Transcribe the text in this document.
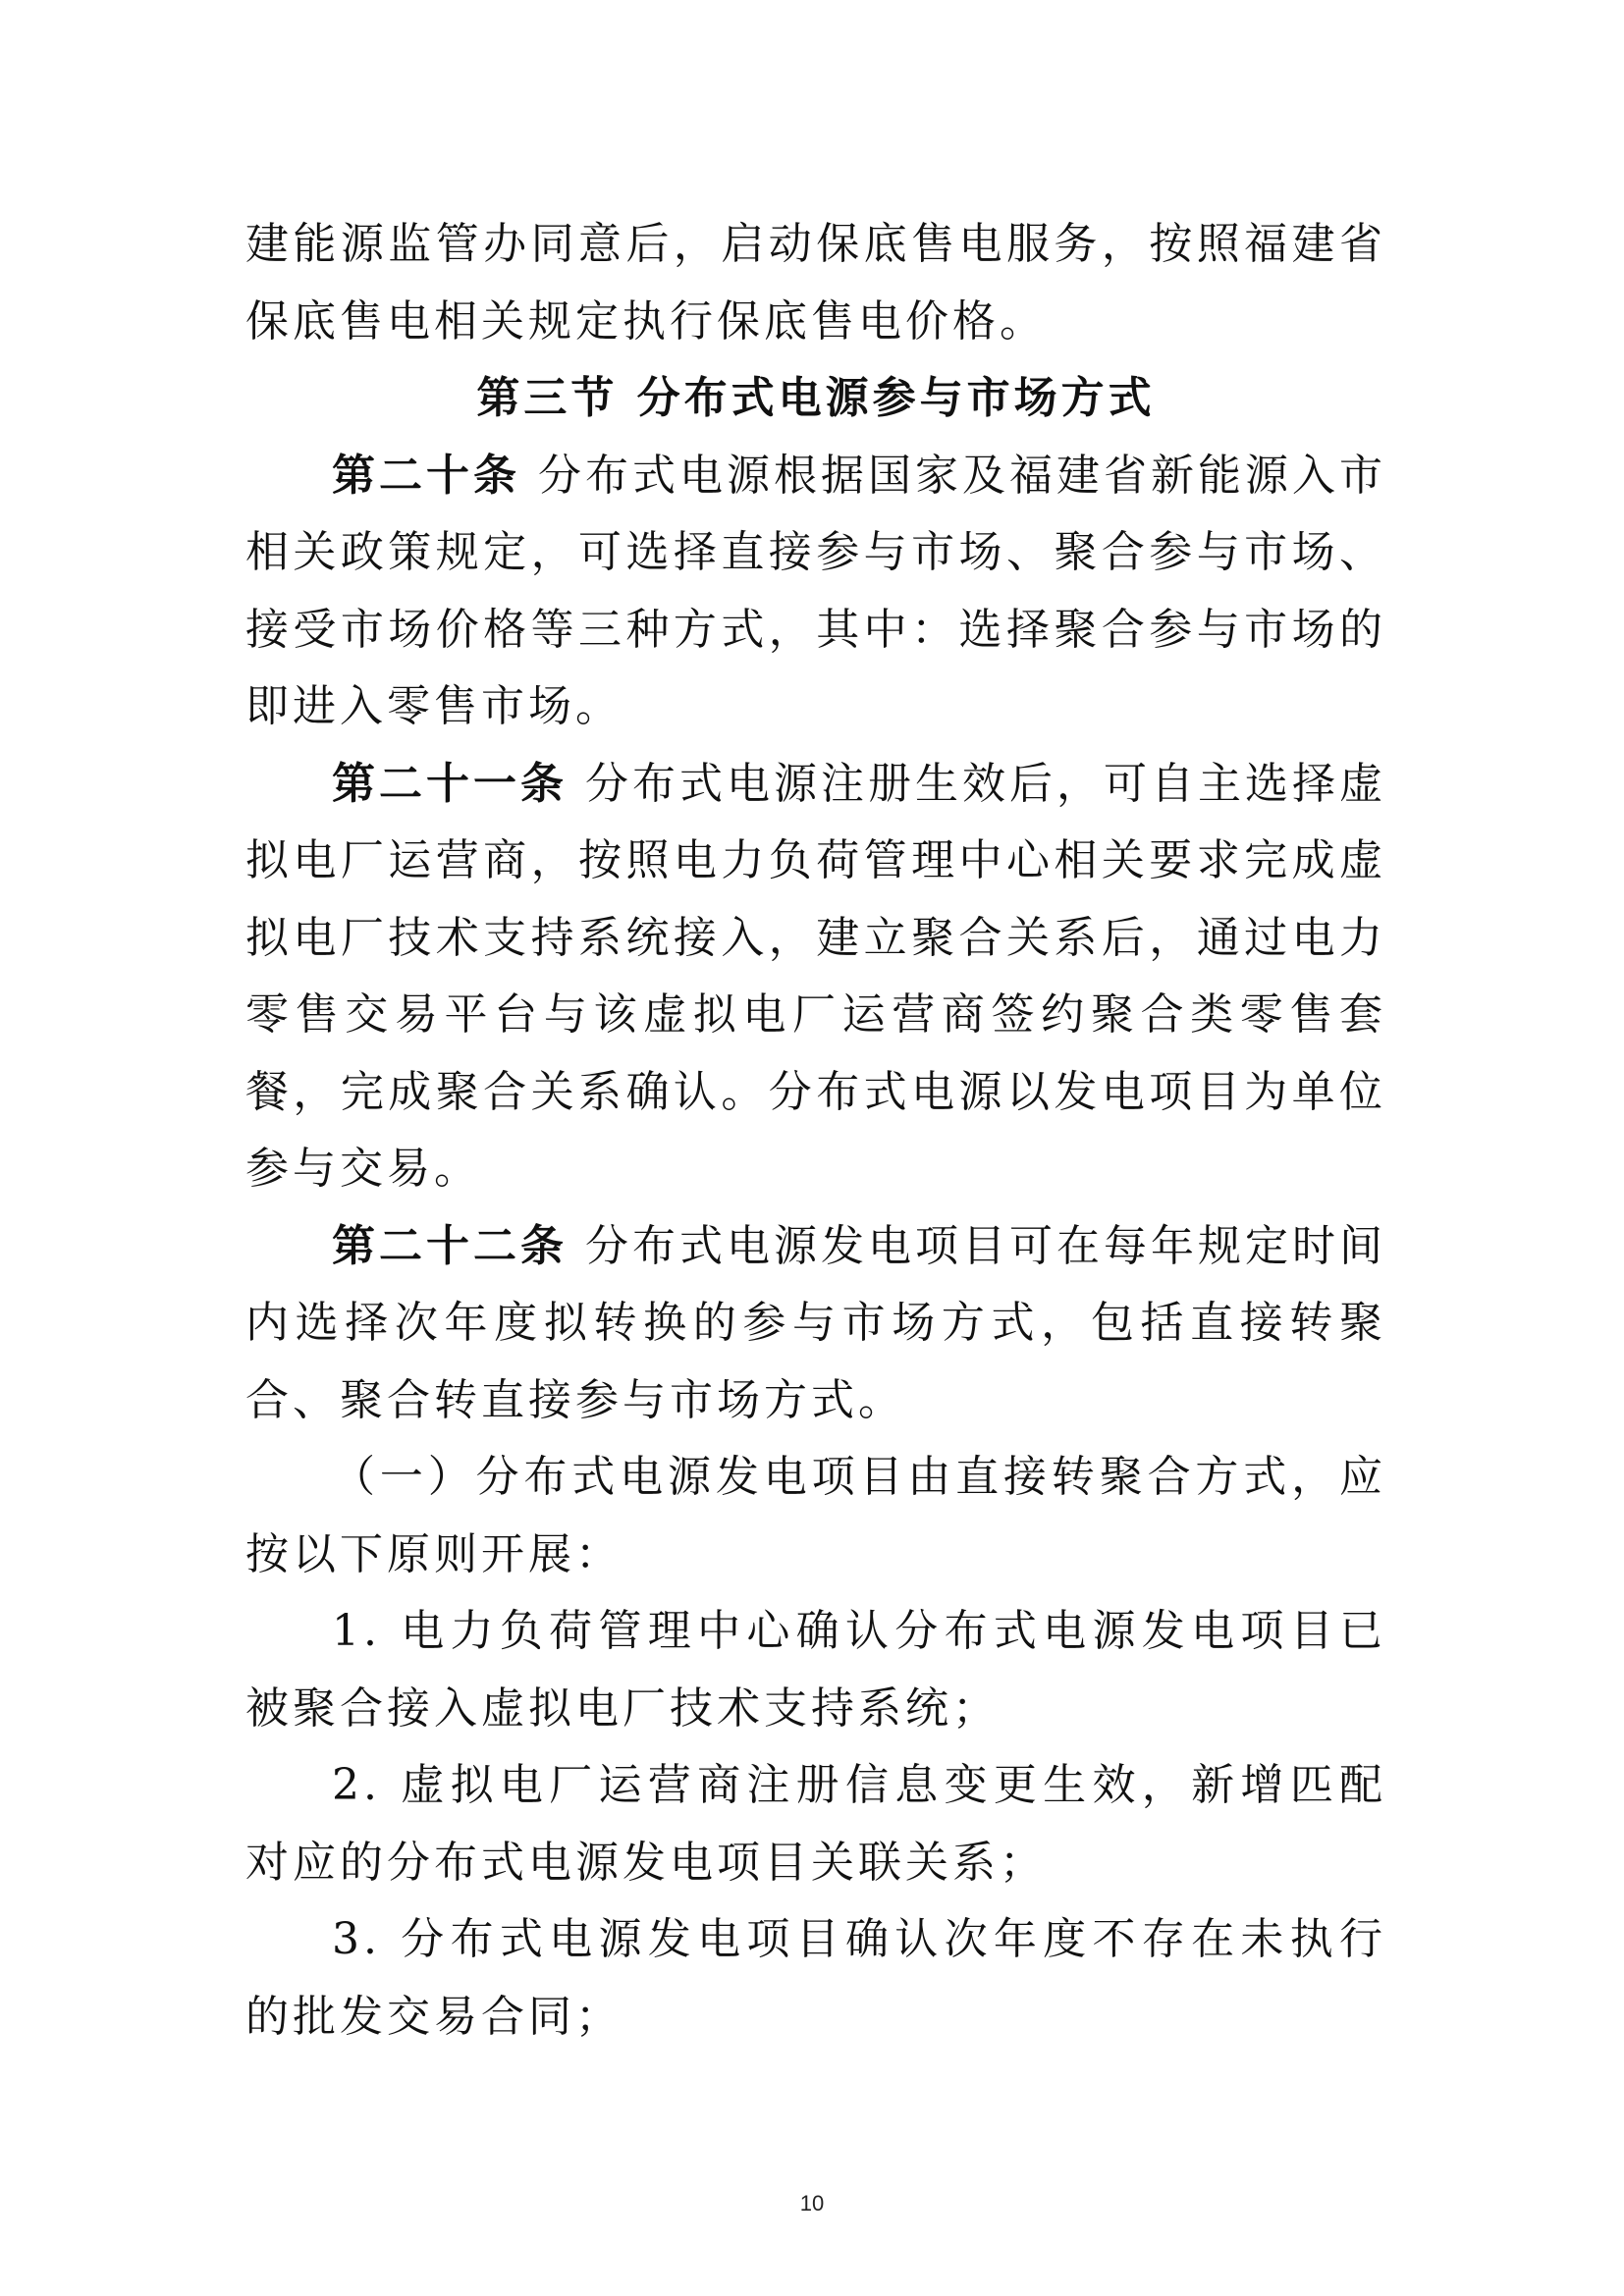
建能源监管办同意后，启动保底售电服务，按照福建省保底售电相关规定执行保底售电价格。

第三节 分布式电源参与市场方式

第二十条 分布式电源根据国家及福建省新能源入市相关政策规定，可选择直接参与市场、聚合参与市场、接受市场价格等三种方式，其中：选择聚合参与市场的即进入零售市场。

第二十一条 分布式电源注册生效后，可自主选择虚拟电厂运营商，按照电力负荷管理中心相关要求完成虚拟电厂技术支持系统接入，建立聚合关系后，通过电力零售交易平台与该虚拟电厂运营商签约聚合类零售套餐，完成聚合关系确认。分布式电源以发电项目为单位参与交易。

第二十二条 分布式电源发电项目可在每年规定时间内选择次年度拟转换的参与市场方式，包括直接转聚合、聚合转直接参与市场方式。

（一）分布式电源发电项目由直接转聚合方式，应按以下原则开展：

1. 电力负荷管理中心确认分布式电源发电项目已被聚合接入虚拟电厂技术支持系统；

2. 虚拟电厂运营商注册信息变更生效，新增匹配对应的分布式电源发电项目关联关系；

3. 分布式电源发电项目确认次年度不存在未执行的批发交易合同；

10
